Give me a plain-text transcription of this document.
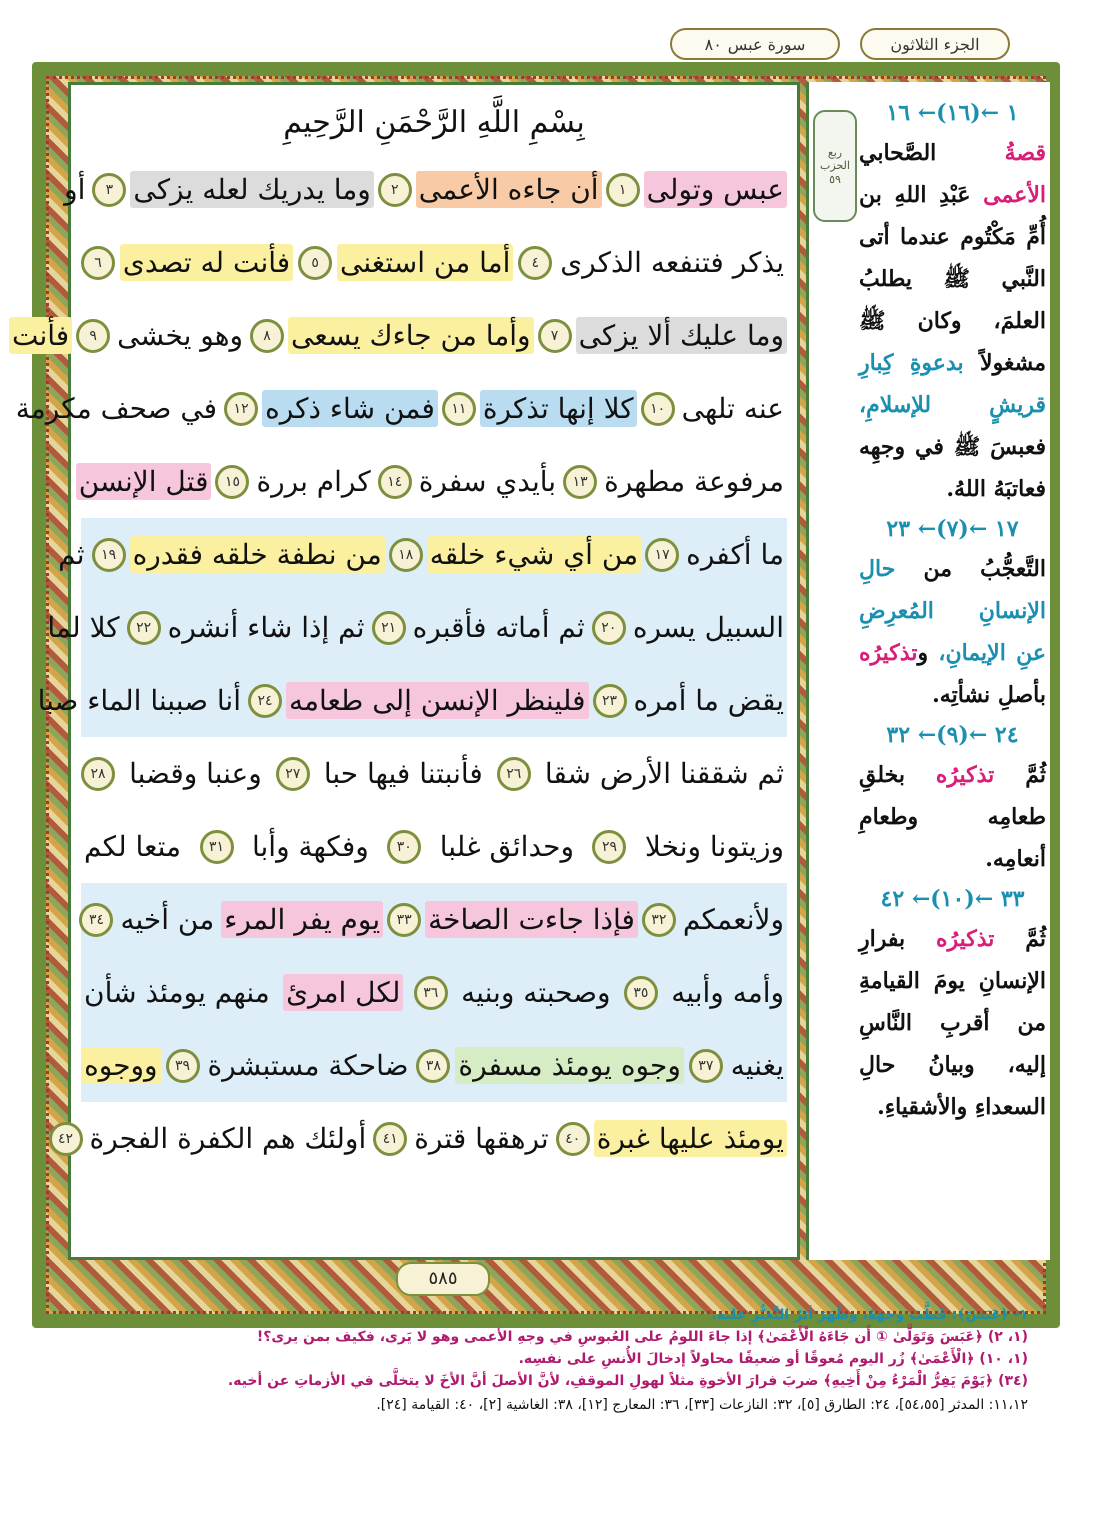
الجزء الثلاثون
سورة عبس
٨٠
بِسْمِ اللَّهِ الرَّحْمَنِ الرَّحِيمِ
عبس وتولى
١
أن جاءه الأعمى
٢
وما يدريك لعله يزكى
٣
أو
يذكر فتنفعه الذكرى
٤
أما من استغنى
٥
فأنت له تصدى
٦
وما عليك ألا يزكى
٧
وأما من جاءك يسعى
٨
وهو يخشى
٩
فأنت
عنه تلهى
١٠
كلا إنها تذكرة
١١
فمن شاء ذكره
١٢
في صحف مكرمة
مرفوعة مطهرة
١٣
بأيدي سفرة
١٤
كرام بررة
١٥
قتل الإنسن
ما أكفره
١٧
من أي شيء خلقه
١٨
من نطفة خلقه فقدره
١٩
ثم
السبيل يسره
٢٠
ثم أماته فأقبره
٢١
ثم إذا شاء أنشره
٢٢
كلا لما
يقض ما أمره
٢٣
فلينظر الإنسن إلى طعامه
٢٤
أنا صببنا الماء صبا
ثم شققنا الأرض شقا
٢٦
فأنبتنا فيها حبا
٢٧
وعنبا وقضبا
٢٨
وزيتونا ونخلا
٢٩
وحدائق غلبا
٣٠
وفكهة وأبا
٣١
متعا لكم
ولأنعمكم
٣٢
فإذا جاءت الصاخة
٣٣
يوم يفر المرء
من أخيه
٣٤
وأمه وأبيه
٣٥
وصحبته وبنيه
٣٦
لكل امرئ
منهم يومئذ شأن
يغنيه
٣٧
وجوه يومئذ مسفرة
٣٨
ضاحكة مستبشرة
٣٩
ووجوه
يومئذ عليها غبرة
٤٠
ترهقها قترة
٤١
أولئك هم الكفرة الفجرة
٤٢
ربع
الحزب
٥٩
١ ←(١٦)← ١٦

قصةُ الصَّحابي الأعمى عَبْدِ اللهِ بن أُمِّ مَكْتُوم عندما أتى النَّبي ﷺ يطلبُ العلمَ، وكان ﷺ مشغولاً بدعوةِ كِبارِ قريشٍ للإسلامِ، فعبسَ ﷺ في وجهِه فعاتبَهُ اللهُ.

١٧ ←(٧)← ٢٣

التَّعجُّبُ من حالِ الإنسانِ المُعرِضِ عنِ الإيمانِ، وتذكيرُه بأصلِ نشأتِه.

٢٤ ←(٩)← ٣٢

ثُمَّ تذكيرُه بخلقِ طعامِه وطعامِ أنعامِه.

٣٣ ←(١٠)← ٤٢

ثُمَّ تذكيرُه بفرارِ الإنسانِ يومَ القيامةِ من أقربِ النَّاسِ إليه، وبيانُ حالِ السعداءِ والأشقياءِ.

٥٨٥

١- ﴿عَبَسَ﴾: قَطَّبَ وجهَهُ، وظَهَرَ أثرُ التَّغيُّرِ عليه.

(١، ٢) ﴿عَبَسَ وَتَوَلَّىٰ ① أَن جَاءَهُ الْأَعْمَىٰ﴾ إذا جاءَ اللومُ على العُبوسِ في وجهِ الأعمى وهو لا يَرى، فكيف بمن يرى؟!

(١، ١٠) ﴿الْأَعْمَىٰ﴾ زُر اليوم مُعوقًا أو ضعيفًا محاولاً إدخالَ الأُنسِ على نفسِه.

(٣٤) ﴿يَوْمَ يَفِرُّ الْمَرْءُ مِنْ أَخِيهِ﴾ ضربَ فرارَ الأخوةِ مثلاً لهولِ الموقفِ، لأنَّ الأصلَ أنَّ الأخَ لا يتخلَّى في الأزماتِ عن أخيه.

١١،١٢: المدثر [٥٤،٥٥]، ٢٤: الطارق [٥]، ٣٢: النازعات [٣٣]، ٣٦: المعارج [١٢]، ٣٨: الغاشية [٢]، ٤٠: القيامة [٢٤].
